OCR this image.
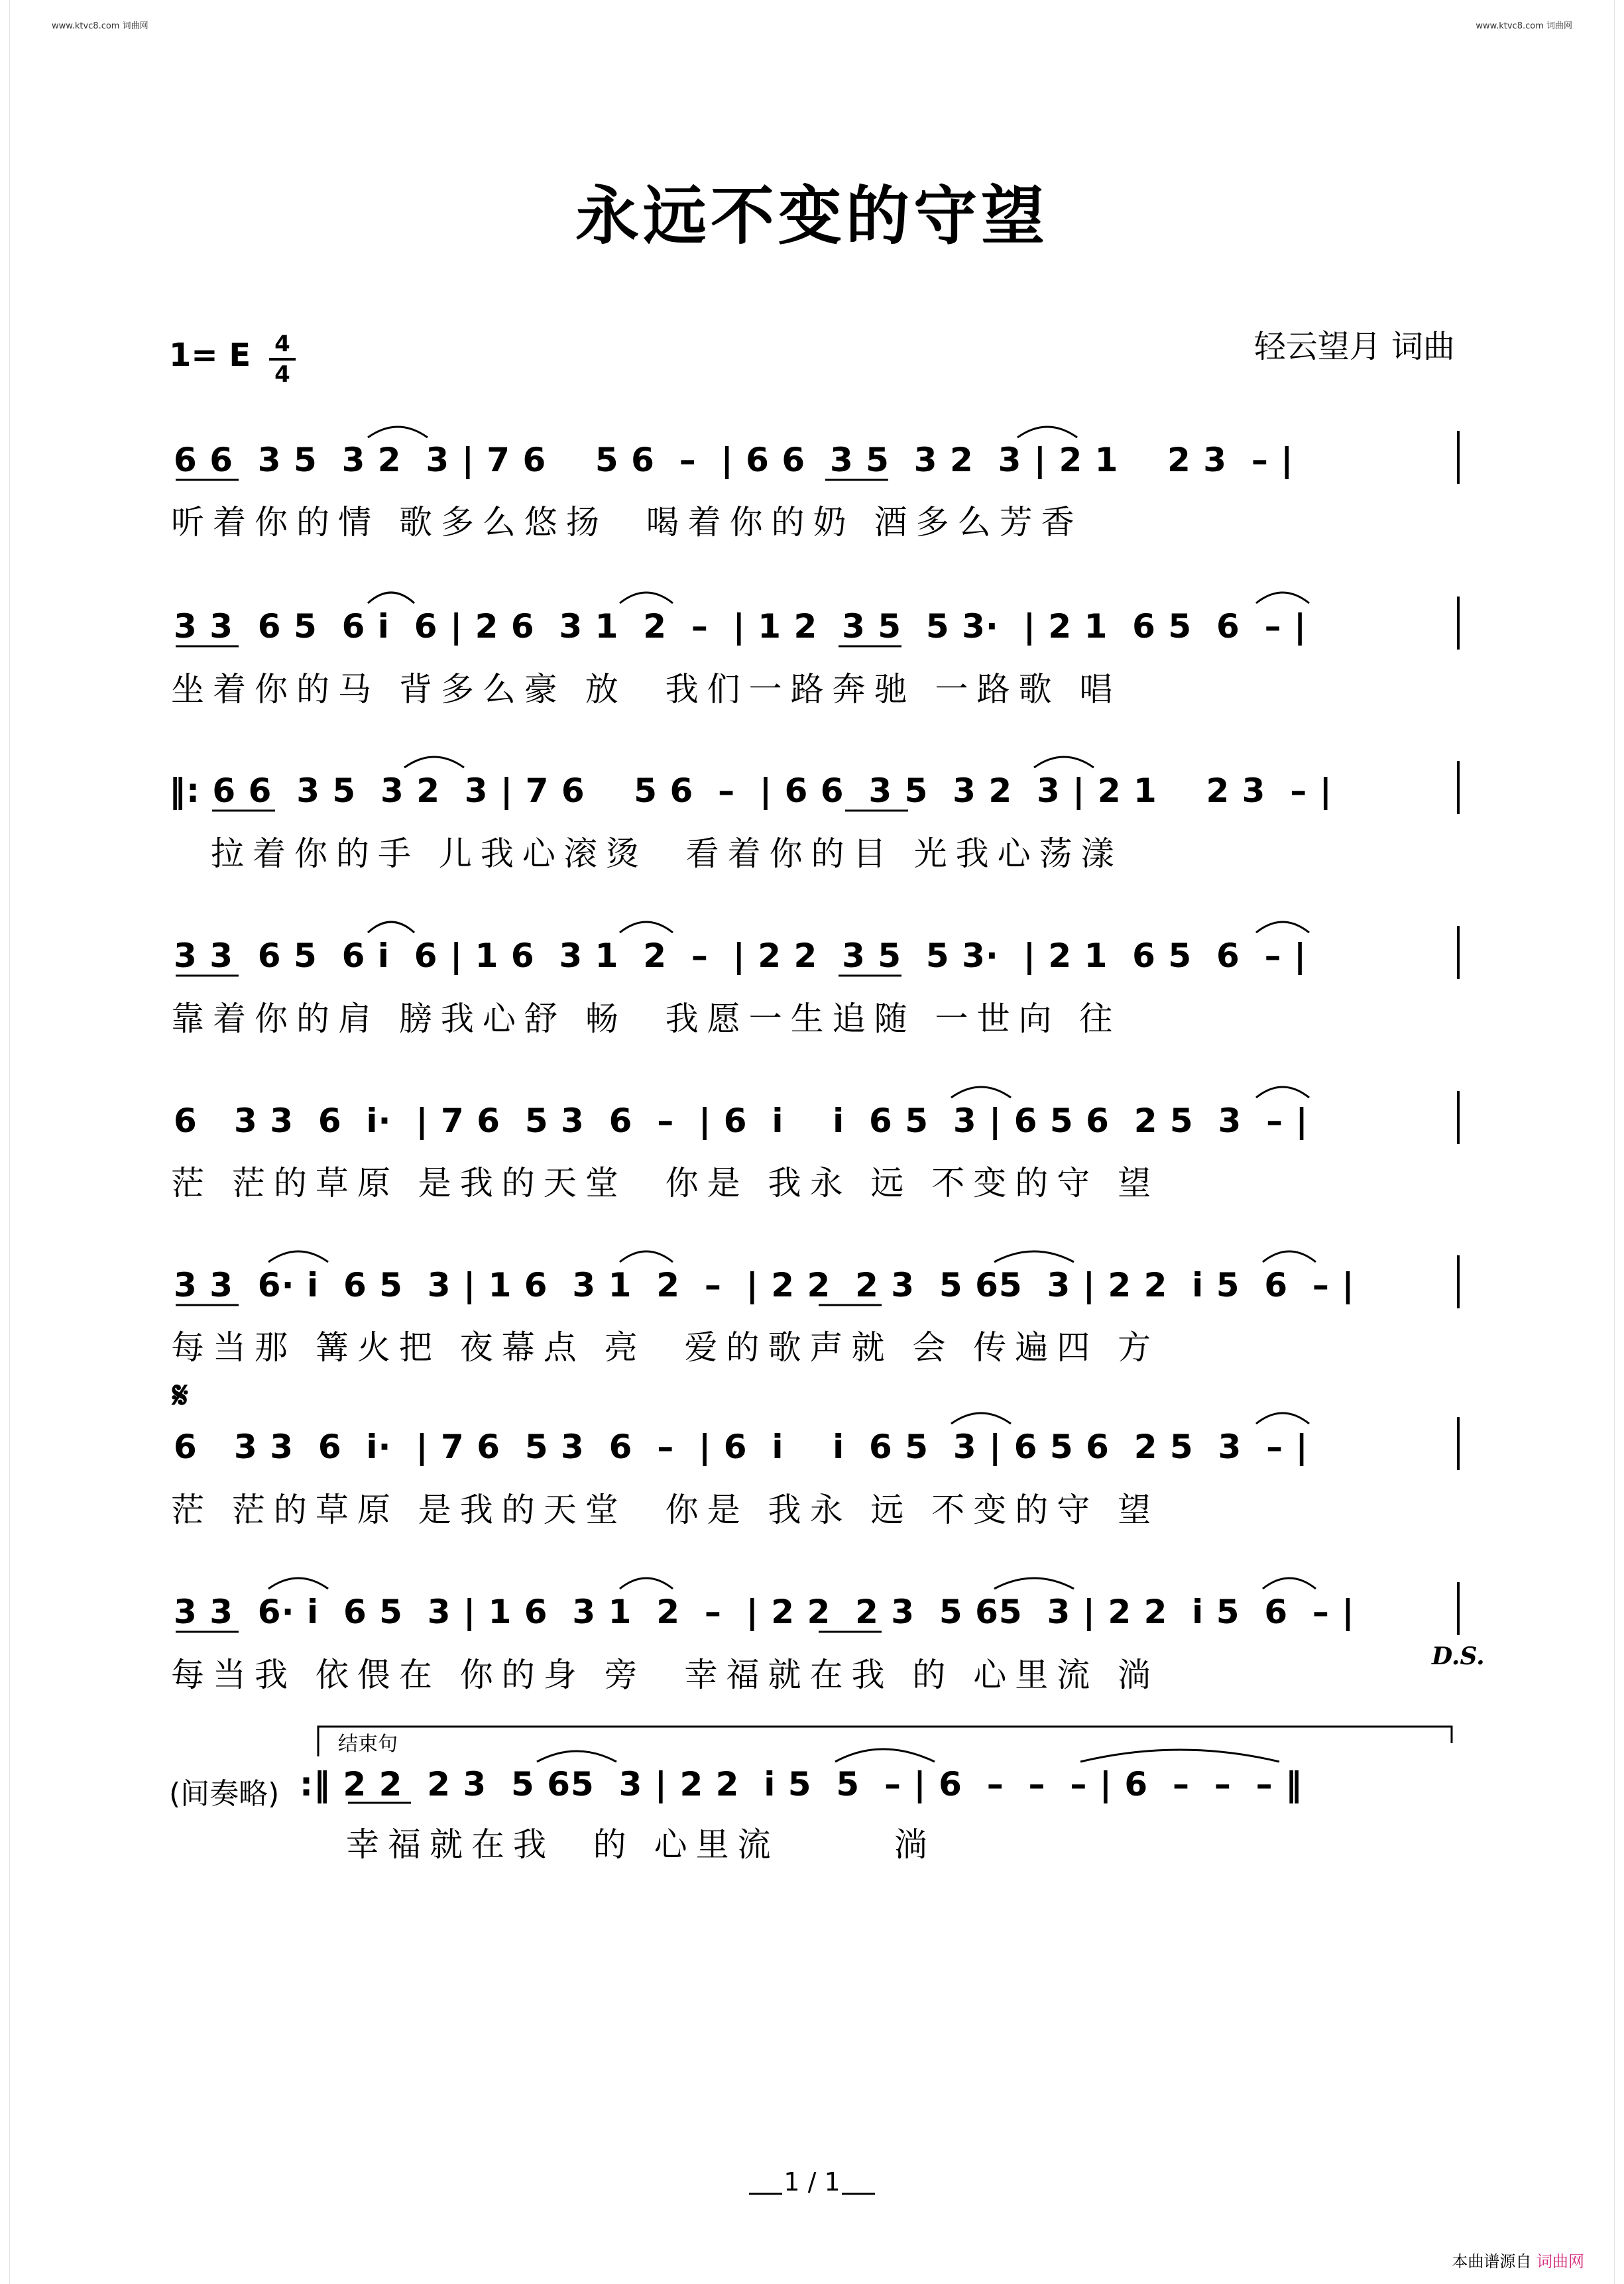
www.ktvc8.com 词曲网	www.ktvc8.com 词曲网
永远不变的守望
轻云望月 词曲
1= E 4
4
6 6  3 5  3 2  3 | 7 6    5 6  –  | 6 6  3 5  3 2  3 | 2 1    2 3  – |
听着你的情 歌多么悠扬  喝着你的奶 酒多么芳香
3 3  6 5  6 i  6 | 2 6  3 1  2  –  | 1 2  3 5  5 3·  | 2 1  6 5  6  – |
坐着你的马 背多么豪 放  我们一路奔驰 一路歌 唱
‖: 6 6  3 5  3 2  3 | 7 6    5 6  –  | 6 6  3 5  3 2  3 | 2 1    2 3  – |
拉着你的手 儿我心滚烫  看着你的目 光我心荡漾
3 3  6 5  6 i  6 | 1 6  3 1  2  –  | 2 2  3 5  5 3·  | 2 1  6 5  6  – |
靠着你的肩 膀我心舒 畅  我愿一生追随 一世向 往
6   3 3  6  i·  | 7 6  5 3  6  –  | 6  i    i  6 5  3 | 6 5 6  2 5  3  – |
茫 茫的草原 是我的天堂  你是 我永 远 不变的守 望
3 3  6· i  6 5  3 | 1 6  3 1  2  –  | 2 2  2 3  5 65  3 | 2 2  i 5  6  – |
每当那 篝火把 夜幕点 亮  爱的歌声就 会 传遍四 方
𝄋
6   3 3  6  i·  | 7 6  5 3  6  –  | 6  i    i  6 5  3 | 6 5 6  2 5  3  – |
茫 茫的草原 是我的天堂  你是 我永 远 不变的守 望
3 3  6· i  6 5  3 | 1 6  3 1  2  –  | 2 2  2 3  5 65  3 | 2 2  i 5  6  – |
每当我 依偎在 你的身 旁  幸福就在我 的 心里流 淌	D.S.
结束句
(间奏略) :‖ 2 2  2 3  5 65  3 | 2 2  i 5  5  – | 6  –  –  – | 6  –  –  – ‖
幸福就在我  的 心里流      淌
1 / 1
本曲谱源自 词曲网
